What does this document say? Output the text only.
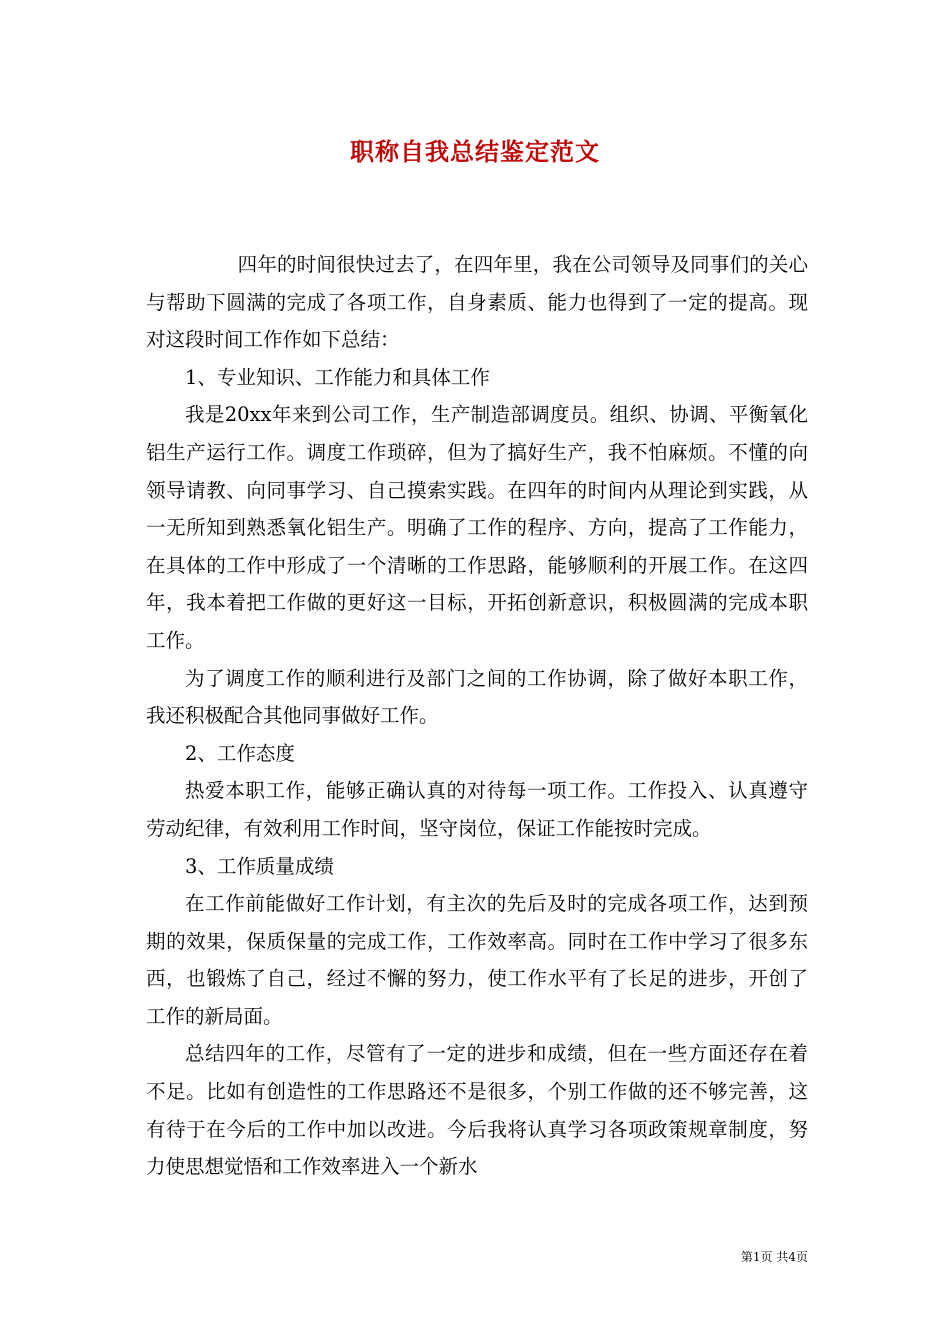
职称自我总结鉴定范文

四年的时间很快过去了，在四年里，我在公司领导及同事们的关心与帮助下圆满的完成了各项工作，自身素质、能力也得到了一定的提高。现对这段时间工作作如下总结：

1、专业知识、工作能力和具体工作

我是20xx年来到公司工作，生产制造部调度员。组织、协调、平衡氧化铝生产运行工作。调度工作琐碎，但为了搞好生产，我不怕麻烦。不懂的向领导请教、向同事学习、自己摸索实践。在四年的时间内从理论到实践，从一无所知到熟悉氧化铝生产。明确了工作的程序、方向，提高了工作能力，在具体的工作中形成了一个清晰的工作思路，能够顺利的开展工作。在这四年，我本着把工作做的更好这一目标，开拓创新意识，积极圆满的完成本职工作。

为了调度工作的顺利进行及部门之间的工作协调，除了做好本职工作，我还积极配合其他同事做好工作。

2、工作态度

热爱本职工作，能够正确认真的对待每一项工作。工作投入、认真遵守劳动纪律，有效利用工作时间，坚守岗位，保证工作能按时完成。

3、工作质量成绩

在工作前能做好工作计划，有主次的先后及时的完成各项工作，达到预期的效果，保质保量的完成工作，工作效率高。同时在工作中学习了很多东西，也锻炼了自己，经过不懈的努力，使工作水平有了长足的进步，开创了工作的新局面。

总结四年的工作，尽管有了一定的进步和成绩，但在一些方面还存在着不足。比如有创造性的工作思路还不是很多，个别工作做的还不够完善，这有待于在今后的工作中加以改进。今后我将认真学习各项政策规章制度，努力使思想觉悟和工作效率进入一个新水

第1页 共4页
